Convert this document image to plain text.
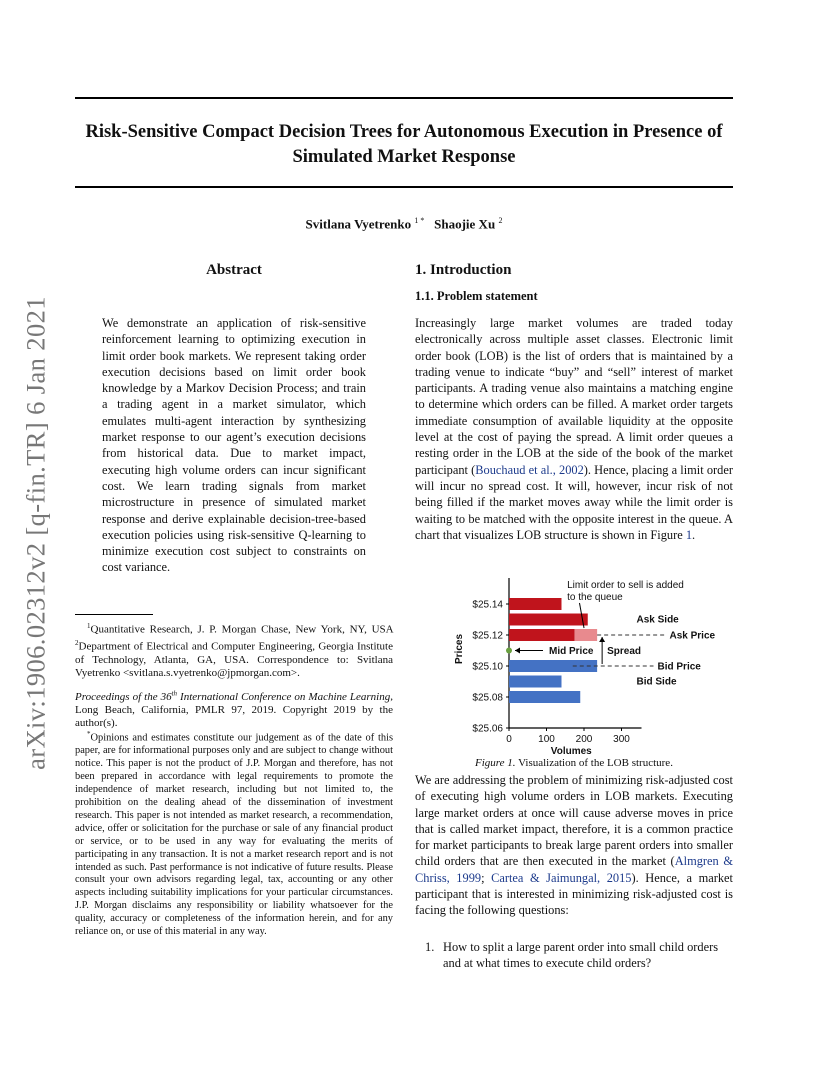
Risk-Sensitive Compact Decision Trees for Autonomous Execution in Presence of Simulated Market Response
Svitlana Vyetrenko $^{1 *}$ Shaojie Xu $^2$
arXiv:1906.02312v2 [q-fin.TR] 6 Jan 2021
Abstract

We demonstrate an application of risk-sensitive reinforcement learning to optimizing execution in limit order book markets. We represent taking order execution decisions based on limit order book knowledge by a Markov Decision Process; and train a trading agent in a market simulator, which emulates multi-agent interaction by synthesizing market response to our agent’s execution decisions from historical data. Due to market impact, executing high volume orders can incur significant cost. We learn trading signals from market microstructure in presence of simulated market response and derive explainable decision-tree-based execution policies using risk-sensitive Q-learning to minimize execution cost subject to constraints on cost variance.

$^1$Quantitative Research, J. P. Morgan Chase, New York, NY, USA $^2$Department of Electrical and Computer Engineering, Georgia Institute of Technology, Atlanta, GA, USA. Correspondence to: Svitlana Vyetrenko <svitlana.s.vyetrenko@jpmorgan.com>.

Proceedings of the 36th International Conference on Machine Learning, Long Beach, California, PMLR 97, 2019. Copyright 2019 by the author(s).

*Opinions and estimates constitute our judgement as of the date of this paper, are for informational purposes only and are subject to change without notice. This paper is not the product of J.P. Morgan and therefore, has not been prepared in accordance with legal requirements to promote the independence of market research, including but not limited to, the prohibition on the dealing ahead of the dissemination of investment research. This paper is not intended as market research, a recommendation, advice, offer or solicitation for the purchase or sale of any financial product or service, or to be used in any way for evaluating the merits of participating in any transaction. It is not a market research report and is not intended as such. Past performance is not indicative of future results. Please consult your own advisors regarding legal, tax, accounting or any other aspects including suitability implications for your particular circumstances. J.P. Morgan disclaims any responsibility or liability whatsoever for the quality, accuracy or completeness of the information herein, and for any reliance on, or use of this material in any way.

1. Introduction
1.1. Problem statement

Increasingly large market volumes are traded today electronically across multiple asset classes. Electronic limit order book (LOB) is the list of orders that is maintained by a trading venue to indicate “buy” and “sell” interest of market participants. A trading venue also maintains a matching engine to determine which orders can be filled. A market order targets immediate consumption of available liquidity at the opposite level at the cost of paying the spread. A limit order queues a resting order in the LOB at the side of the book of the market participant (Bouchaud et al., 2002). Hence, placing a limit order will incur no spread cost. It will, however, incur risk of not being filled if the market moves away while the limit order is waiting to be matched with the opposite interest in the queue. A chart that visualizes LOB structure is shown in Figure 1.

$25.14
$25.12
$25.10
$25.08
$25.06
0	100 200 300
Volumes
Prices	Ask Price
Bid Price
Mid Price Spread
Ask Side
Bid Side
Limit order to sell is added
to the queue
Figure 1. Visualization of the LOB structure.

We are addressing the problem of minimizing risk-adjusted cost of executing high volume orders in LOB markets. Executing large market orders at once will cause adverse moves in price that is called market impact, therefore, it is a common practice for market participants to break large parent orders into smaller child orders that are then executed in the market (Almgren & Chriss, 1999; Cartea & Jaimungal, 2015). Hence, a market participant that is interested in minimizing risk-adjusted cost is facing the following questions:

1. How to split a large parent order into small child orders and at what times to execute child orders?
